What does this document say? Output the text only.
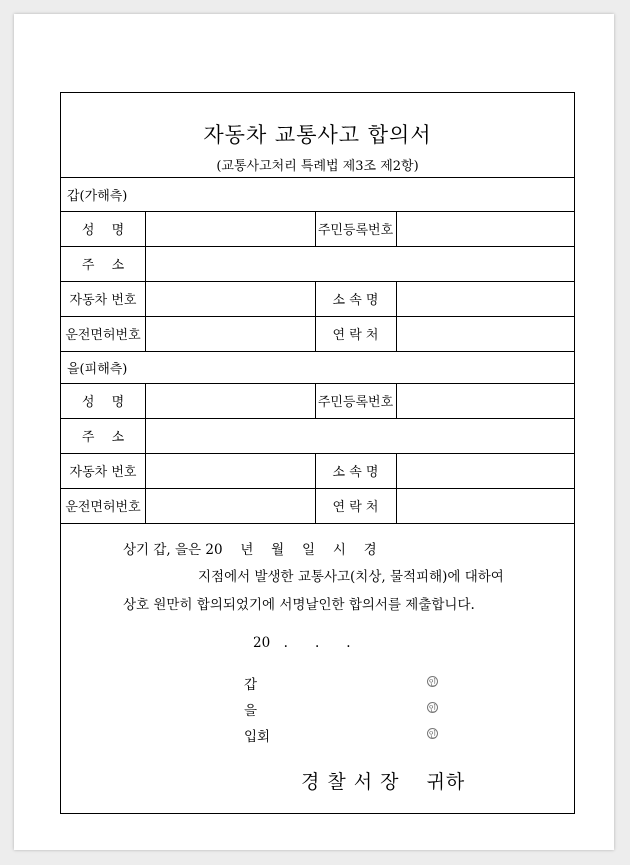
자동차 교통사고 합의서
(교통사고처리 특례법 제3조 제2항)
갑(가해측)
성　 명	주민등록번호
주　 소
자동차 번호	소 속 명
운전면허번호	연 락 처
을(피해측)
성　 명	주민등록번호
주　 소
자동차 번호	소 속 명
운전면허번호	연 락 처
상기 갑, 을은 20　 년　 월　 일　 시　 경
지점에서 발생한 교통사고(치상, 물적피해)에 대하여
상호 원만히 합의되었기에 서명날인한 합의서를 제출합니다.
20　.　　.　　.
갑	인
을	인
입회	인
경 찰 서 장　 귀하
